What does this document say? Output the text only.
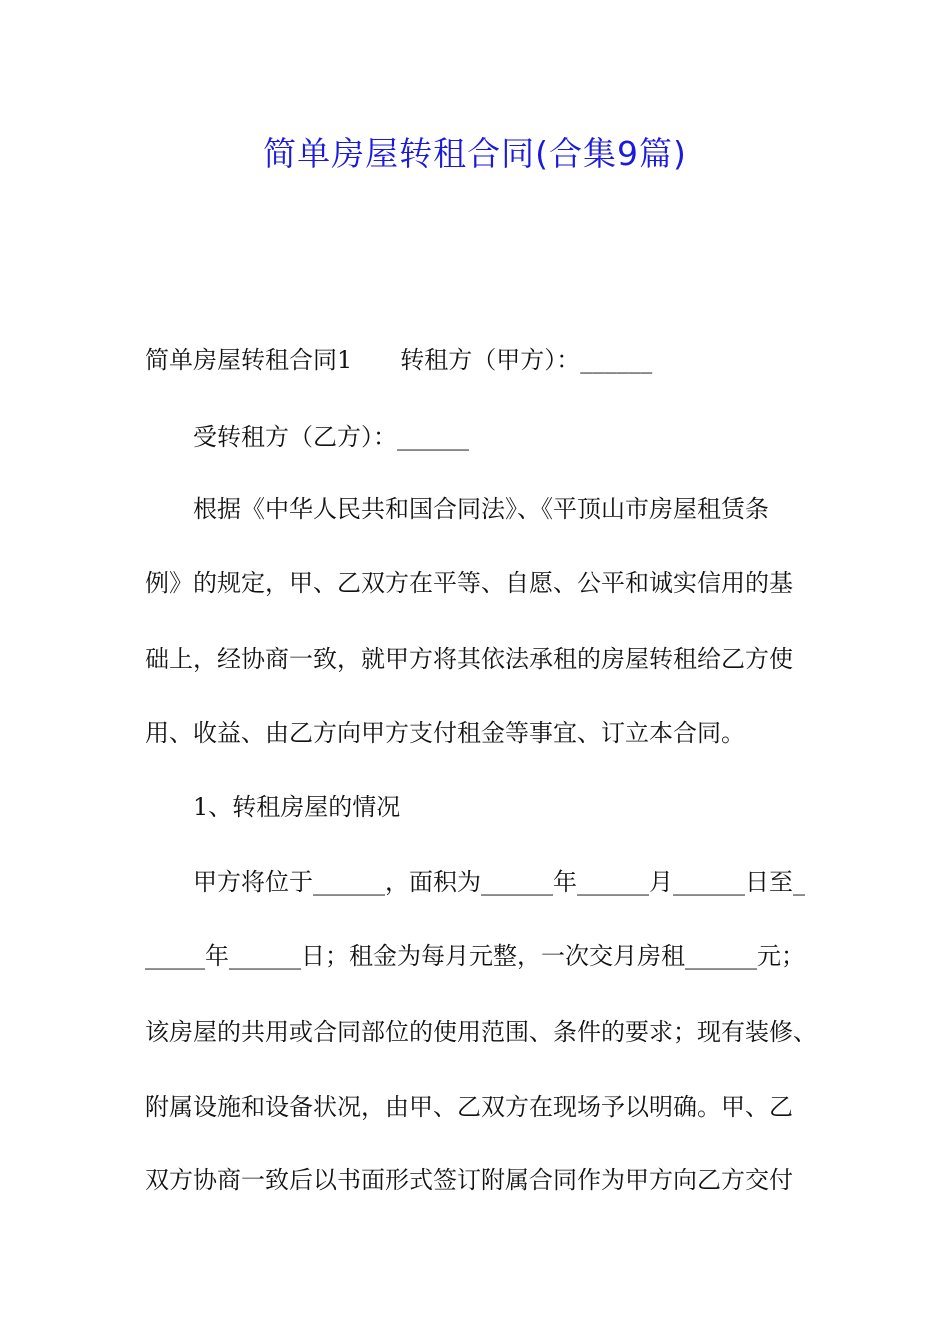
简单房屋转租合同(合集9篇)
简单房屋转租合同1 转租方（甲方）：______
受转租方（乙方）：______
根据《中华人民共和国合同法》、《平顶山市房屋租赁条
例》的规定，甲、乙双方在平等、自愿、公平和诚实信用的基
础上，经协商一致，就甲方将其依法承租的房屋转租给乙方使
用、收益、由乙方向甲方支付租金等事宜、订立本合同。
1、转租房屋的情况
甲方将位于______，面积为______年______月______日至_
_____年______日；租金为每月元整，一次交月房租______元；
该房屋的共用或合同部位的使用范围、条件的要求；现有装修、
附属设施和设备状况，由甲、乙双方在现场予以明确。甲、乙
双方协商一致后以书面形式签订附属合同作为甲方向乙方交付
